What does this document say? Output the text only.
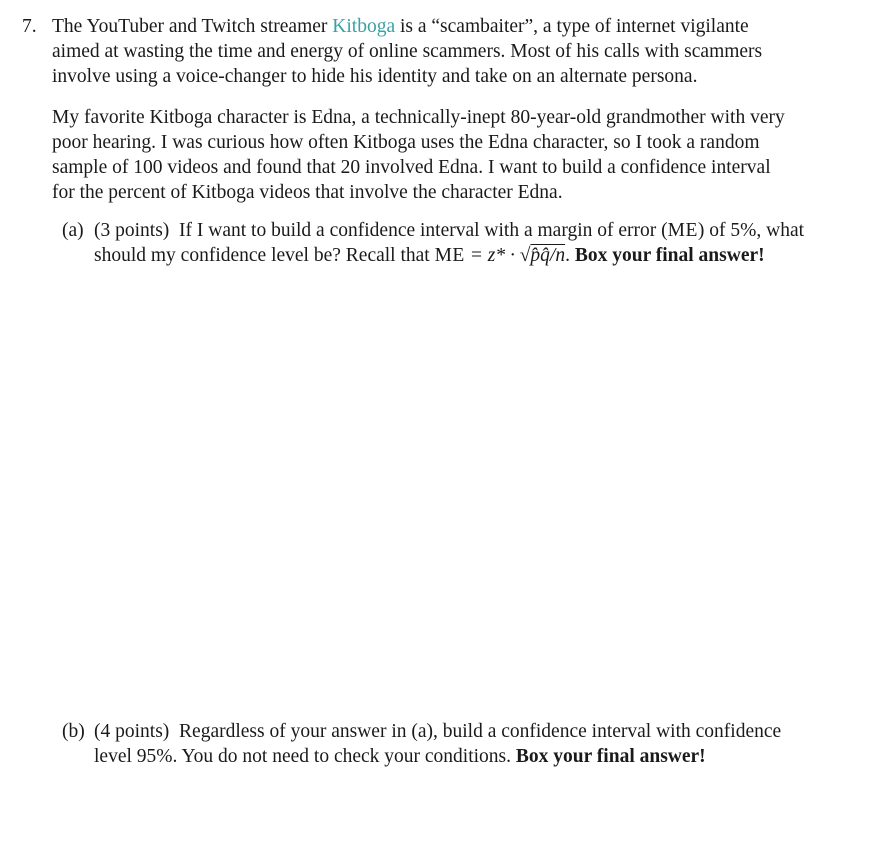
7. The YouTuber and Twitch streamer Kitboga is a “scambaiter”, a type of internet vigilante
aimed at wasting the time and energy of online scammers. Most of his calls with scammers
involve using a voice-changer to hide his identity and take on an alternate persona.
My favorite Kitboga character is Edna, a technically-inept 80-year-old grandmother with very
poor hearing. I was curious how often Kitboga uses the Edna character, so I took a random
sample of 100 videos and found that 20 involved Edna. I want to build a confidence interval
for the percent of Kitboga videos that involve the character Edna.
(a) (3 points) If I want to build a confidence interval with a margin of error (ME) of 5%, what
should my confidence level be? Recall that ME = z* · √p̂q̂/n. Box your final answer!
(b) (4 points) Regardless of your answer in (a), build a confidence interval with confidence
level 95%. You do not need to check your conditions. Box your final answer!
